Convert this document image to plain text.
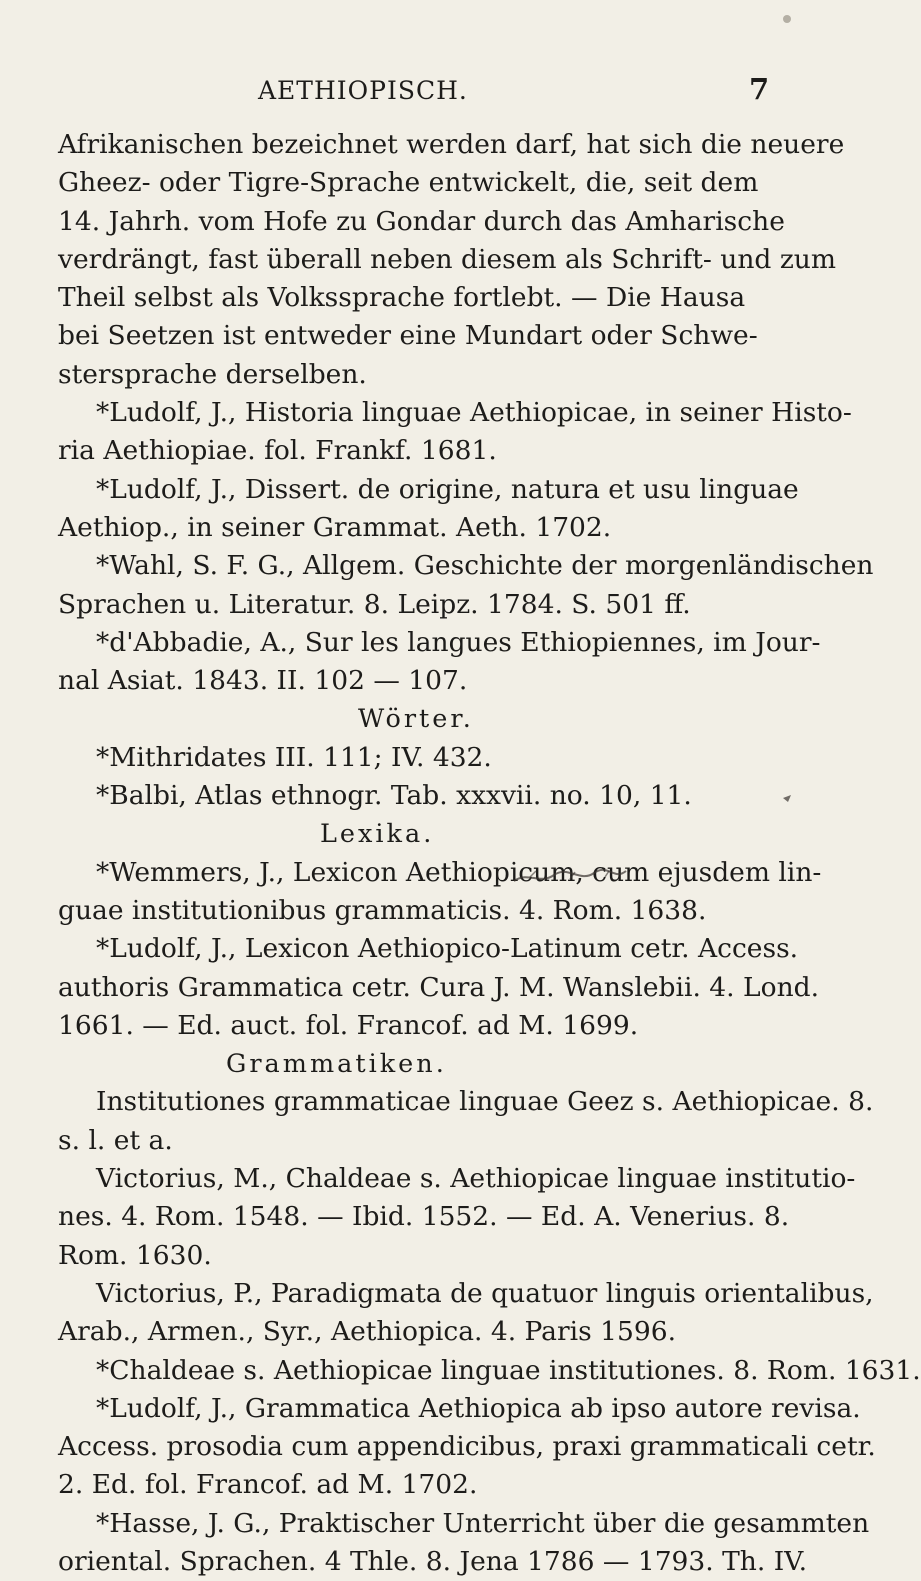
AETHIOPISCH.	7
Afrikanischen bezeichnet werden darf, hat sich die neuere
Gheez- oder Tigre-Sprache entwickelt, die, seit dem
14. Jahrh. vom Hofe zu Gondar durch das Amharische
verdrängt, fast überall neben diesem als Schrift- und zum
Theil selbst als Volkssprache fortlebt. — Die Hausa
bei Seetzen ist entweder eine Mundart oder Schwe-
stersprache derselben.
*Ludolf, J., Historia linguae Aethiopicae, in seiner Histo-
ria Aethiopiae. fol. Frankf. 1681.
*Ludolf, J., Dissert. de origine, natura et usu linguae
Aethiop., in seiner Grammat. Aeth. 1702.
*Wahl, S. F. G., Allgem. Geschichte der morgenländischen
Sprachen u. Literatur. 8. Leipz. 1784. S. 501 ff.
*d'Abbadie, A., Sur les langues Ethiopiennes, im Jour-
nal Asiat. 1843. II. 102 — 107.
Wörter.
*Mithridates III. 111; IV. 432.
*Balbi, Atlas ethnogr. Tab. xxxvii. no. 10, 11.
Lexika.
*Wemmers, J., Lexicon Aethiopicum, cum ejusdem lin-
guae institutionibus grammaticis. 4. Rom. 1638.
*Ludolf, J., Lexicon Aethiopico-Latinum cetr. Access.
authoris Grammatica cetr. Cura J. M. Wanslebii. 4. Lond.
1661. — Ed. auct. fol. Francof. ad M. 1699.
Grammatiken.
Institutiones grammaticae linguae Geez s. Aethiopicae. 8.
s. l. et a.
Victorius, M., Chaldeae s. Aethiopicae linguae institutio-
nes. 4. Rom. 1548. — Ibid. 1552. — Ed. A. Venerius. 8.
Rom. 1630.
Victorius, P., Paradigmata de quatuor linguis orientalibus,
Arab., Armen., Syr., Aethiopica. 4. Paris 1596.
*Chaldeae s. Aethiopicae linguae institutiones. 8. Rom. 1631.
*Ludolf, J., Grammatica Aethiopica ab ipso autore revisa.
Access. prosodia cum appendicibus, praxi grammaticali cetr.
2. Ed. fol. Francof. ad M. 1702.
*Hasse, J. G., Praktischer Unterricht über die gesammten
oriental. Sprachen. 4 Thle. 8. Jena 1786 — 1793. Th. IV.
